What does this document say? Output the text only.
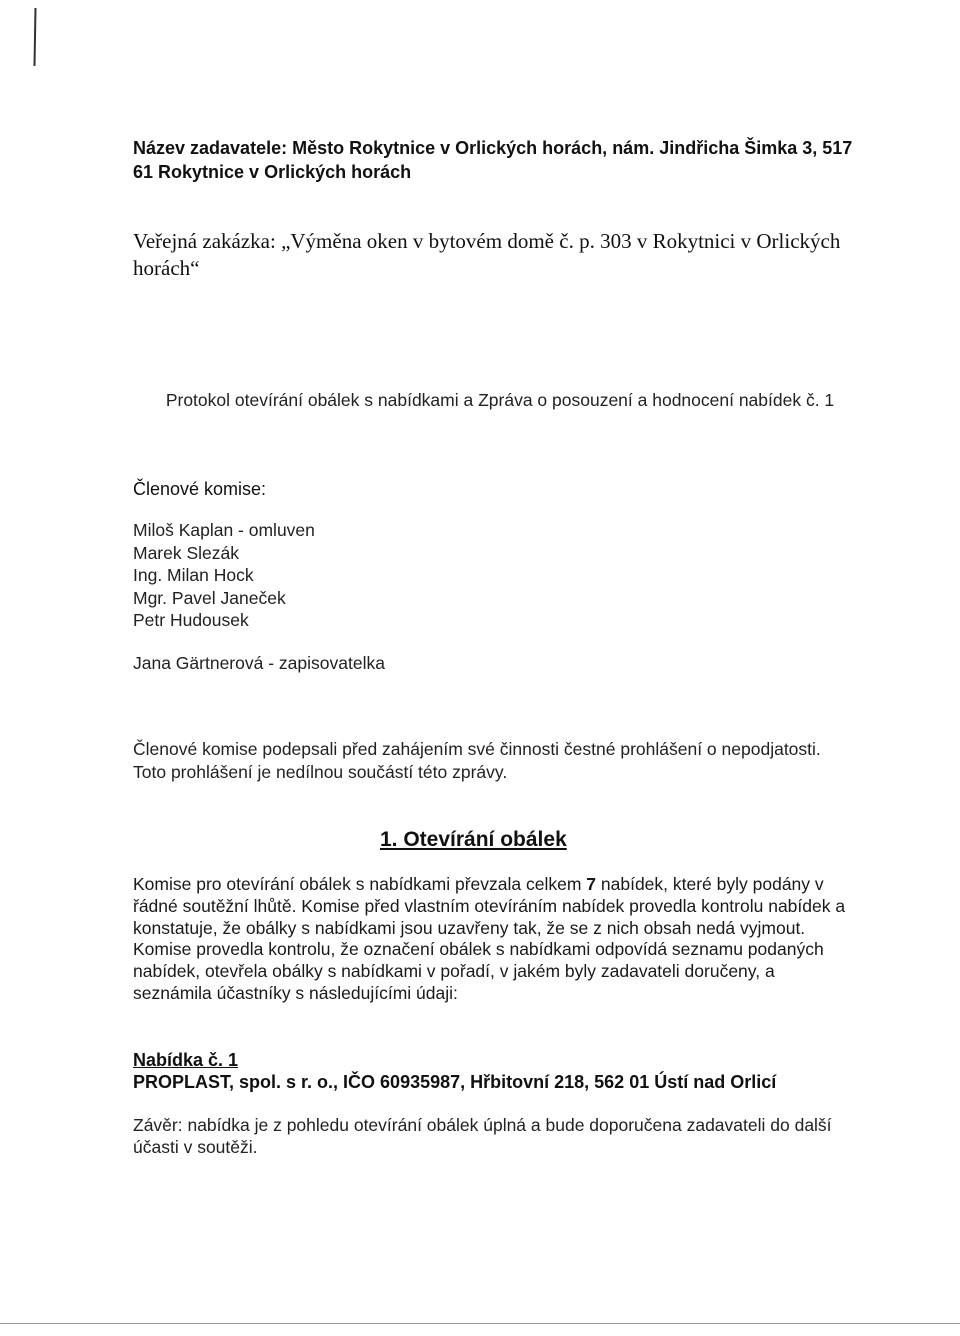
Název zadavatele: Město Rokytnice v Orlických horách, nám. Jindřicha Šimka 3, 517 61 Rokytnice v Orlických horách
Veřejná zakázka: „Výměna oken v bytovém domě č. p. 303 v Rokytnici v Orlických horách“
Protokol otevírání obálek s nabídkami a Zpráva o posouzení a hodnocení nabídek č. 1
Členové komise:
Miloš Kaplan - omluven
Marek Slezák
Ing. Milan Hock
Mgr. Pavel Janeček
Petr Hudousek
Jana Gärtnerová - zapisovatelka
Členové komise podepsali před zahájením své činnosti čestné prohlášení o nepodjatosti. Toto prohlášení je nedílnou součástí této zprávy.
1. Otevírání obálek
Komise pro otevírání obálek s nabídkami převzala celkem 7 nabídek, které byly podány v řádné soutěžní lhůtě. Komise před vlastním otevíráním nabídek provedla kontrolu nabídek a konstatuje, že obálky s nabídkami jsou uzavřeny tak, že se z nich obsah nedá vyjmout. Komise provedla kontrolu, že označení obálek s nabídkami odpovídá seznamu podaných nabídek, otevřela obálky s nabídkami v pořadí, v jakém byly zadavateli doručeny, a seznámila účastníky s následujícími údaji:
Nabídka č. 1
PROPLAST, spol. s r. o., IČO 60935987, Hřbitovní 218, 562 01 Ústí nad Orlicí
Závěr: nabídka je z pohledu otevírání obálek úplná a bude doporučena zadavateli do další účasti v soutěži.
